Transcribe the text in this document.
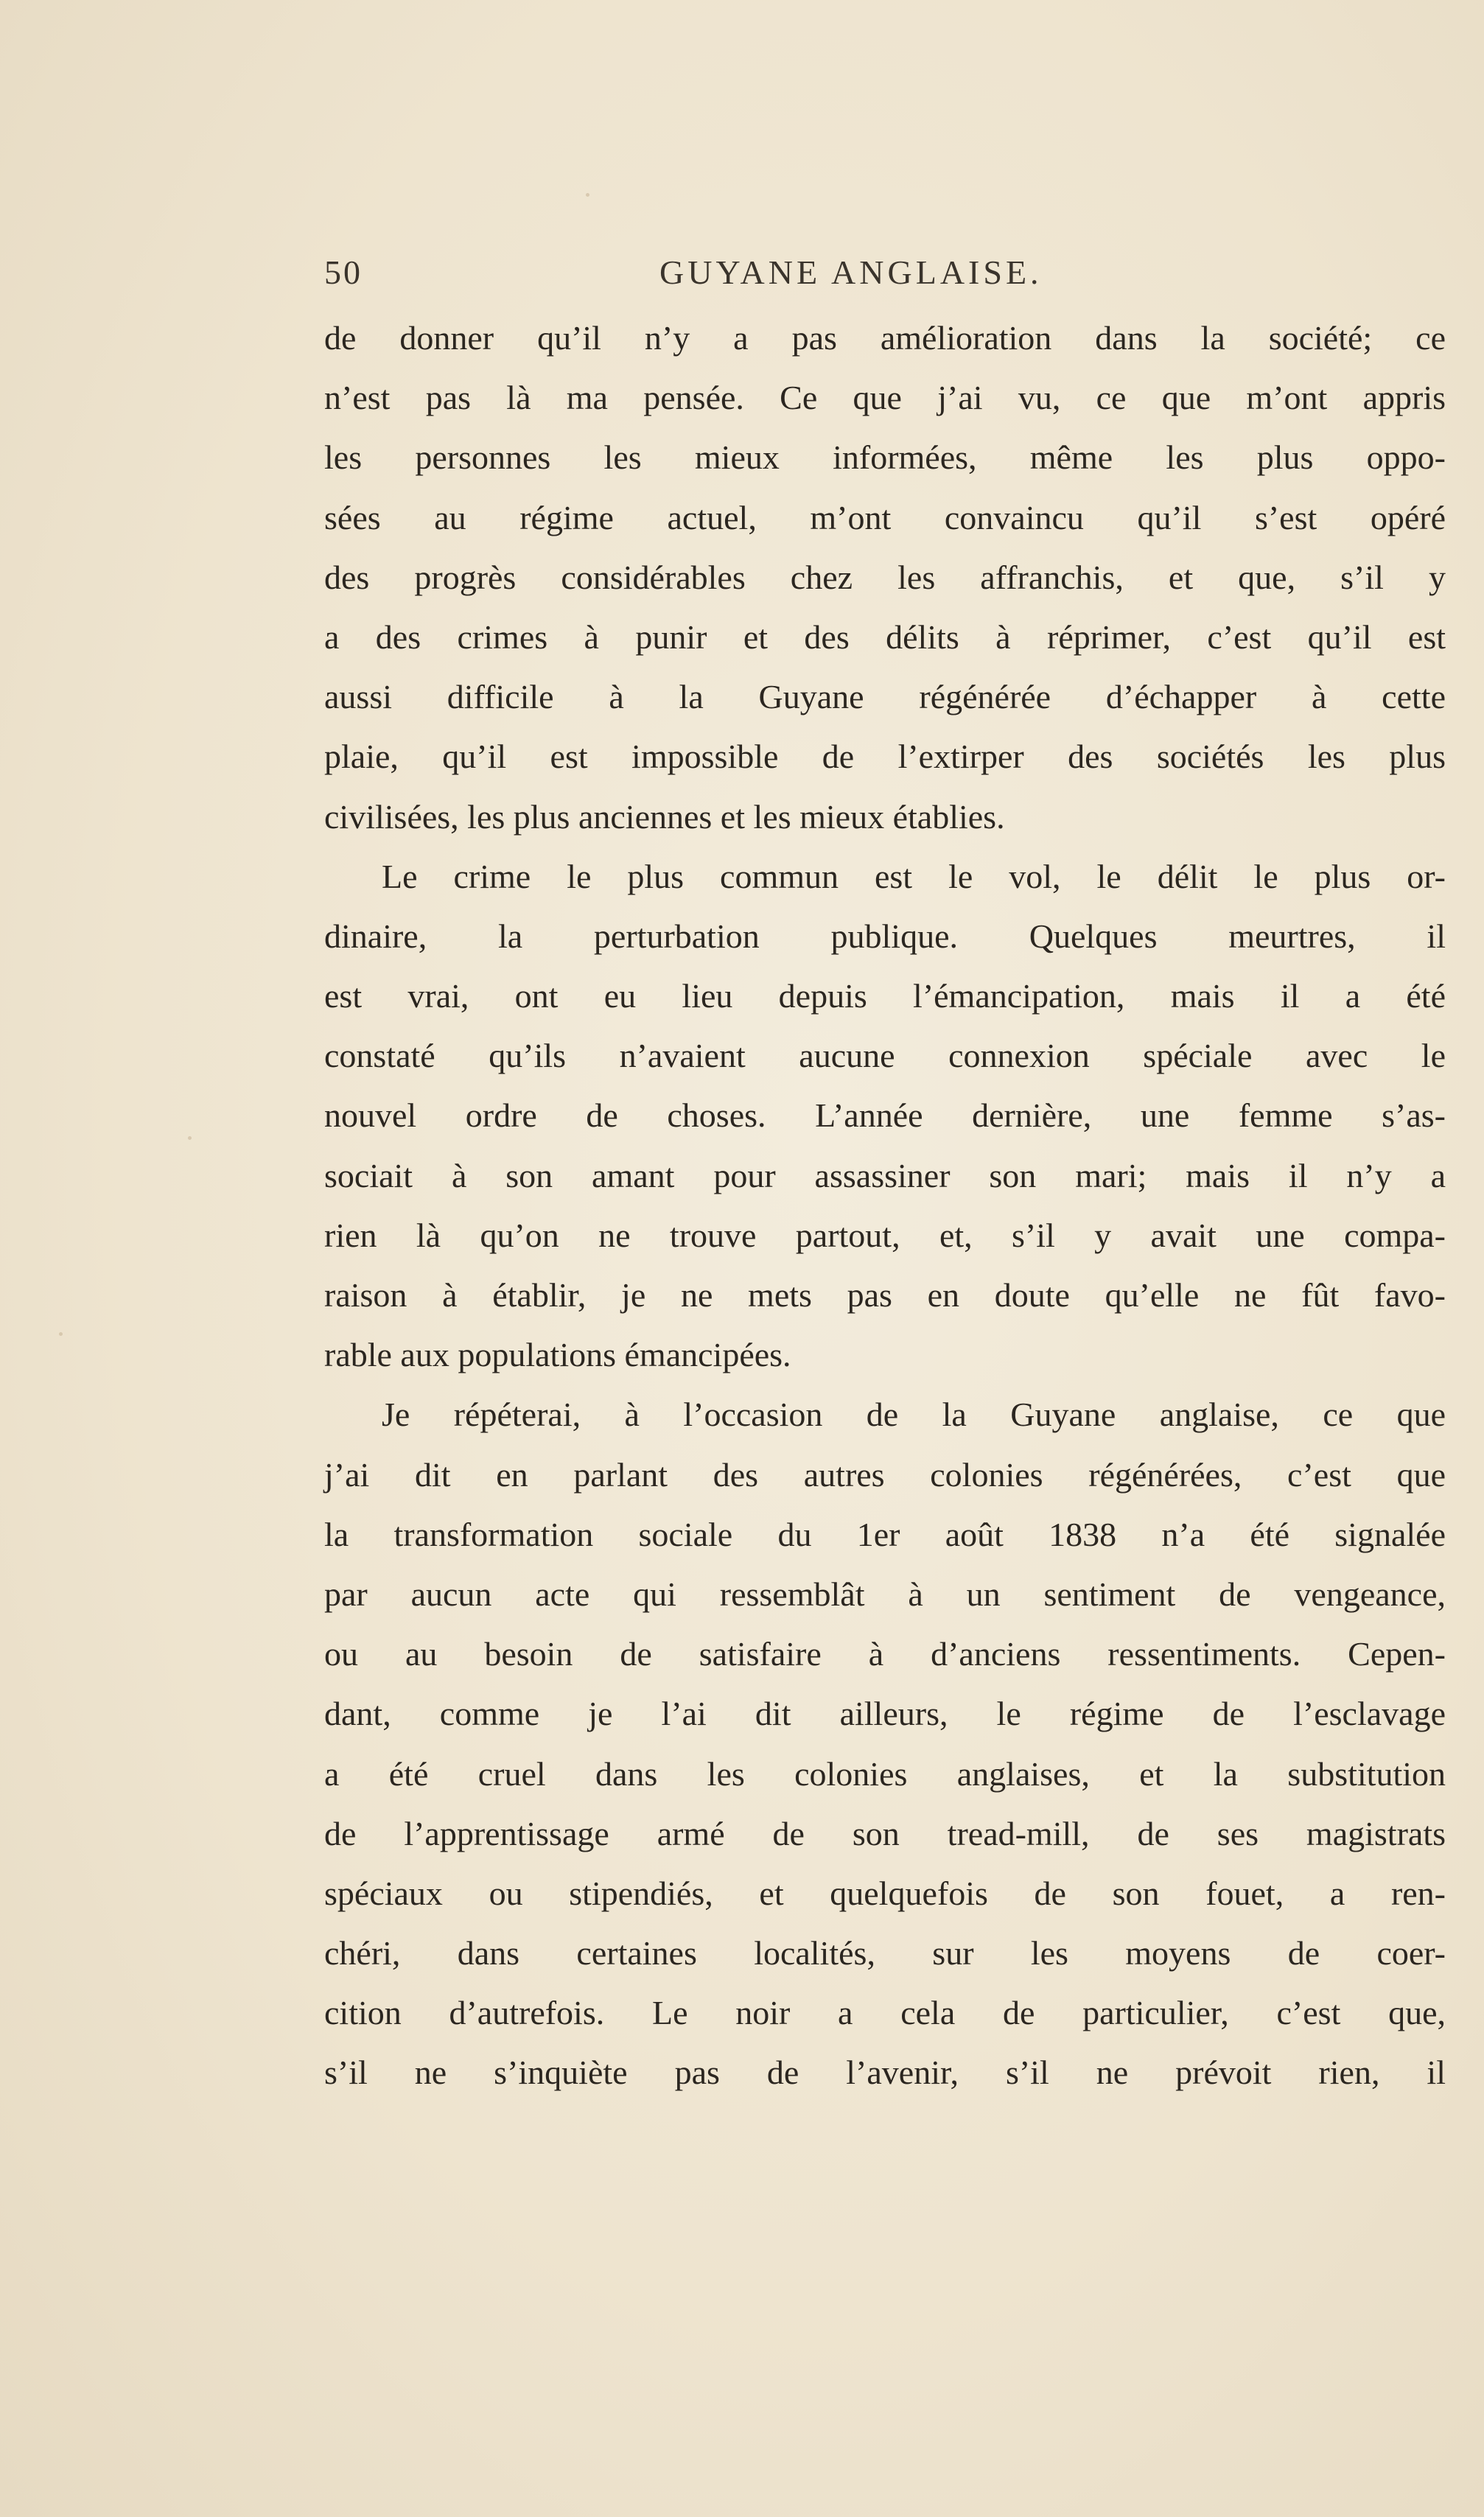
50	GUYANE ANGLAISE.
de donner qu’il n’y a pas amélioration dans la société; ce
n’est pas là ma pensée. Ce que j’ai vu, ce que m’ont appris
les personnes les mieux informées, même les plus oppo-
sées au régime actuel, m’ont convaincu qu’il s’est opéré
des progrès considérables chez les affranchis, et que, s’il y
a des crimes à punir et des délits à réprimer, c’est qu’il est
aussi difficile à la Guyane régénérée d’échapper à cette
plaie, qu’il est impossible de l’extirper des sociétés les plus
civilisées, les plus anciennes et les mieux établies.
Le crime le plus commun est le vol, le délit le plus or-
dinaire, la perturbation publique. Quelques meurtres, il
est vrai, ont eu lieu depuis l’émancipation, mais il a été
constaté qu’ils n’avaient aucune connexion spéciale avec le
nouvel ordre de choses. L’année dernière, une femme s’as-
sociait à son amant pour assassiner son mari; mais il n’y a
rien là qu’on ne trouve partout, et, s’il y avait une compa-
raison à établir, je ne mets pas en doute qu’elle ne fût favo-
rable aux populations émancipées.
Je répéterai, à l’occasion de la Guyane anglaise, ce que
j’ai dit en parlant des autres colonies régénérées, c’est que
la transformation sociale du 1er août 1838 n’a été signalée
par aucun acte qui ressemblât à un sentiment de vengeance,
ou au besoin de satisfaire à d’anciens ressentiments. Cepen-
dant, comme je l’ai dit ailleurs, le régime de l’esclavage
a été cruel dans les colonies anglaises, et la substitution
de l’apprentissage armé de son tread-mill, de ses magistrats
spéciaux ou stipendiés, et quelquefois de son fouet, a ren-
chéri, dans certaines localités, sur les moyens de coer-
cition d’autrefois. Le noir a cela de particulier, c’est que,
s’il ne s’inquiète pas de l’avenir, s’il ne prévoit rien, il
